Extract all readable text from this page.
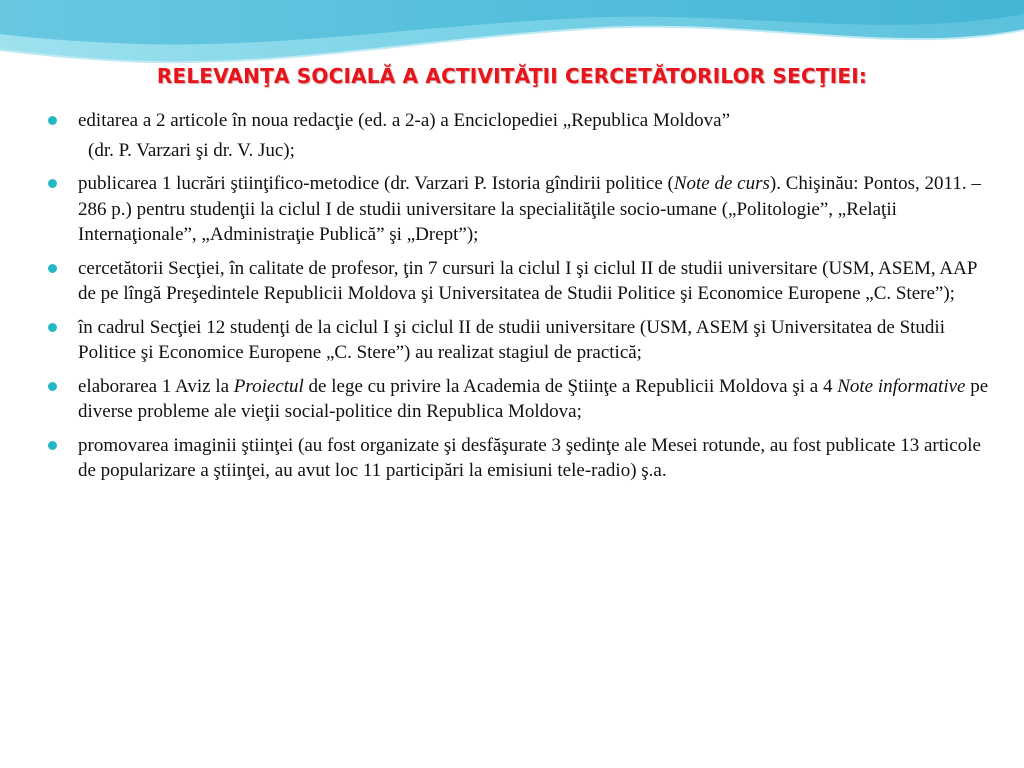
RELEVANŢA SOCIALĂ A ACTIVITĂŢII CERCETĂTORILOR SECŢIEI:
editarea a 2 articole în noua redacţie (ed. a 2-a) a Enciclopediei „Republica Moldova”
(dr. P. Varzari şi dr. V. Juc);
publicarea 1 lucrări ştiinţifico-metodice (dr. Varzari P. Istoria gîndirii politice (Note de curs). Chişinău: Pontos, 2011. – 286 p.) pentru studenţii la ciclul I de studii universitare la specialităţile socio-umane („Politologie”, „Relaţii Internaţionale”, „Administraţie Publică” şi „Drept”);
cercetătorii Secţiei, în calitate de profesor, ţin 7 cursuri la ciclul I şi ciclul II de studii universitare (USM, ASEM, AAP de pe lîngă Preşedintele Republicii Moldova şi Universitatea de Studii Politice şi Economice Europene „C. Stere”);
în cadrul Secţiei 12 studenţi de la ciclul I şi ciclul II de studii universitare (USM, ASEM şi Universitatea de Studii Politice şi Economice Europene „C. Stere”) au realizat stagiul de practică;
elaborarea 1 Aviz la Proiectul de lege cu privire la Academia de Ştiinţe a Republicii Moldova şi a 4 Note informative pe diverse probleme ale vieţii social-politice din Republica Moldova;
promovarea imaginii ştiinţei (au fost organizate şi desfăşurate 3 şedinţe ale Mesei rotunde, au fost publicate 13 articole de popularizare a ştiinţei, au avut loc 11 participări la emisiuni tele-radio) ş.a.
